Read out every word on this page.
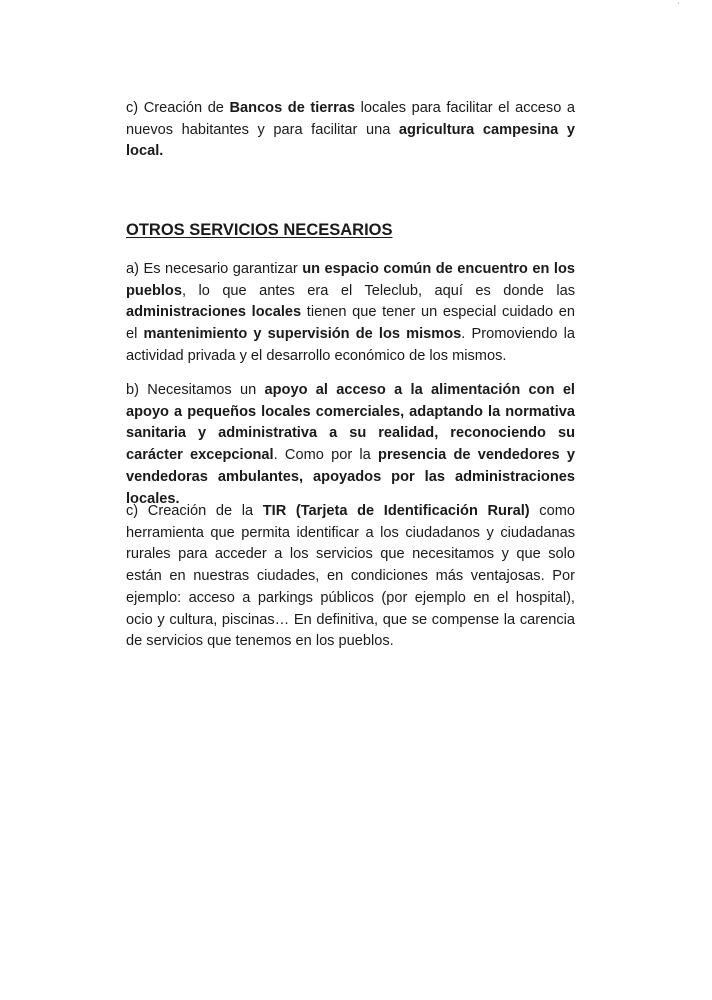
c) Creación de Bancos de tierras locales para facilitar el acceso a nuevos habitantes y para facilitar una agricultura campesina y local.

OTROS SERVICIOS NECESARIOS

a) Es necesario garantizar un espacio común de encuentro en los pueblos, lo que antes era el Teleclub, aquí es donde las administraciones locales tienen que tener un especial cuidado en el mantenimiento y supervisión de los mismos. Promoviendo la actividad privada y el desarrollo económico de los mismos.

b) Necesitamos un apoyo al acceso a la alimentación con el apoyo a pequeños locales comerciales, adaptando la normativa sanitaria y administrativa a su realidad, reconociendo su carácter excepcional. Como por la presencia de vendedores y vendedoras ambulantes, apoyados por las administraciones locales.

c) Creación de la TIR (Tarjeta de Identificación Rural) como herramienta que permita identificar a los ciudadanos y ciudadanas rurales para acceder a los servicios que necesitamos y que solo están en nuestras ciudades, en condiciones más ventajosas. Por ejemplo: acceso a parkings públicos (por ejemplo en el hospital), ocio y cultura, piscinas… En definitiva, que se compense la carencia de servicios que tenemos en los pueblos.
